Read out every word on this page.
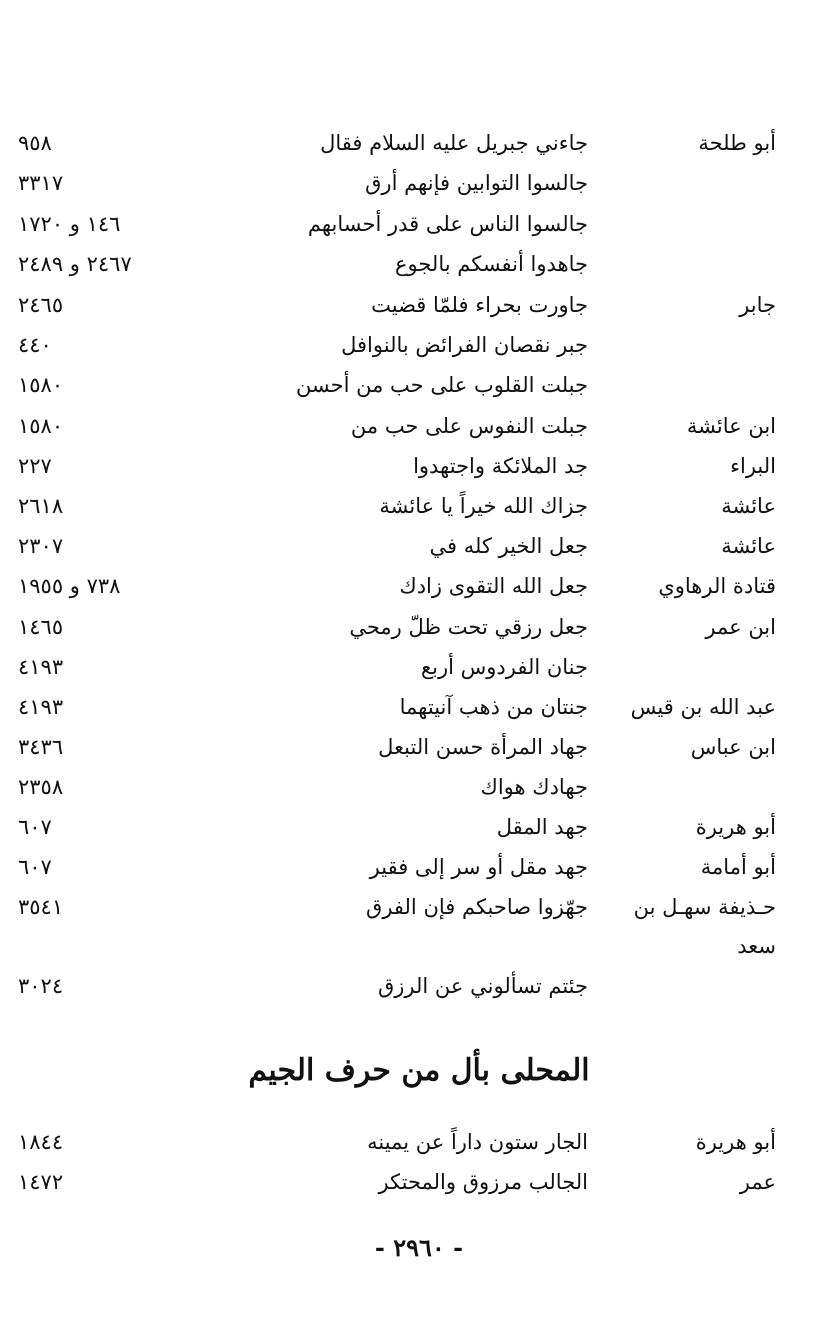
أبو طلحة
جاءني جبريل عليه السلام فقال
٩٥٨
جالسوا التوابين فإنهم أرق
٣٣١٧
جالسوا الناس على قدر أحسابهم
١٤٦ و ١٧٢٠
جاهدوا أنفسكم بالجوع
٢٤٦٧ و ٢٤٨٩
جابر
جاورت بحراء فلمّا قضيت
٢٤٦٥
جبر نقصان الفرائض بالنوافل
٤٤٠
جبلت القلوب على حب من أحسن
١٥٨٠
ابن عائشة
جبلت النفوس على حب من
١٥٨٠
البراء
جد الملائكة واجتهدوا
٢٢٧
عائشة
جزاك الله خيراً يا عائشة
٢٦١٨
عائشة
جعل الخير كله في
٢٣٠٧
قتادة الرهاوي
جعل الله التقوى زادك
٧٣٨ و ١٩٥٥
ابن عمر
جعل رزقي تحت ظلّ رمحي
١٤٦٥
جنان الفردوس أربع
٤١٩٣
عبد الله بن قيس
جنتان من ذهب آنيتهما
٤١٩٣
ابن عباس
جهاد المرأة حسن التبعل
٣٤٣٦
جهادك هواك
٢٣٥٨
أبو هريرة
جهد المقل
٦٠٧
أبو أمامة
جهد مقل أو سر إلى فقير
٦٠٧
حـذيفة سهـل بن
جهّزوا صاحبكم فإن الفرق
٣٥٤١
سعد
جئتم تسألوني عن الرزق
٣٠٢٤
المحلى بأل من حرف الجيم
أبو هريرة
الجار ستون داراً عن يمينه
١٨٤٤
عمر
الجالب مرزوق والمحتكر
١٤٧٢
- ٢٩٦٠ -
